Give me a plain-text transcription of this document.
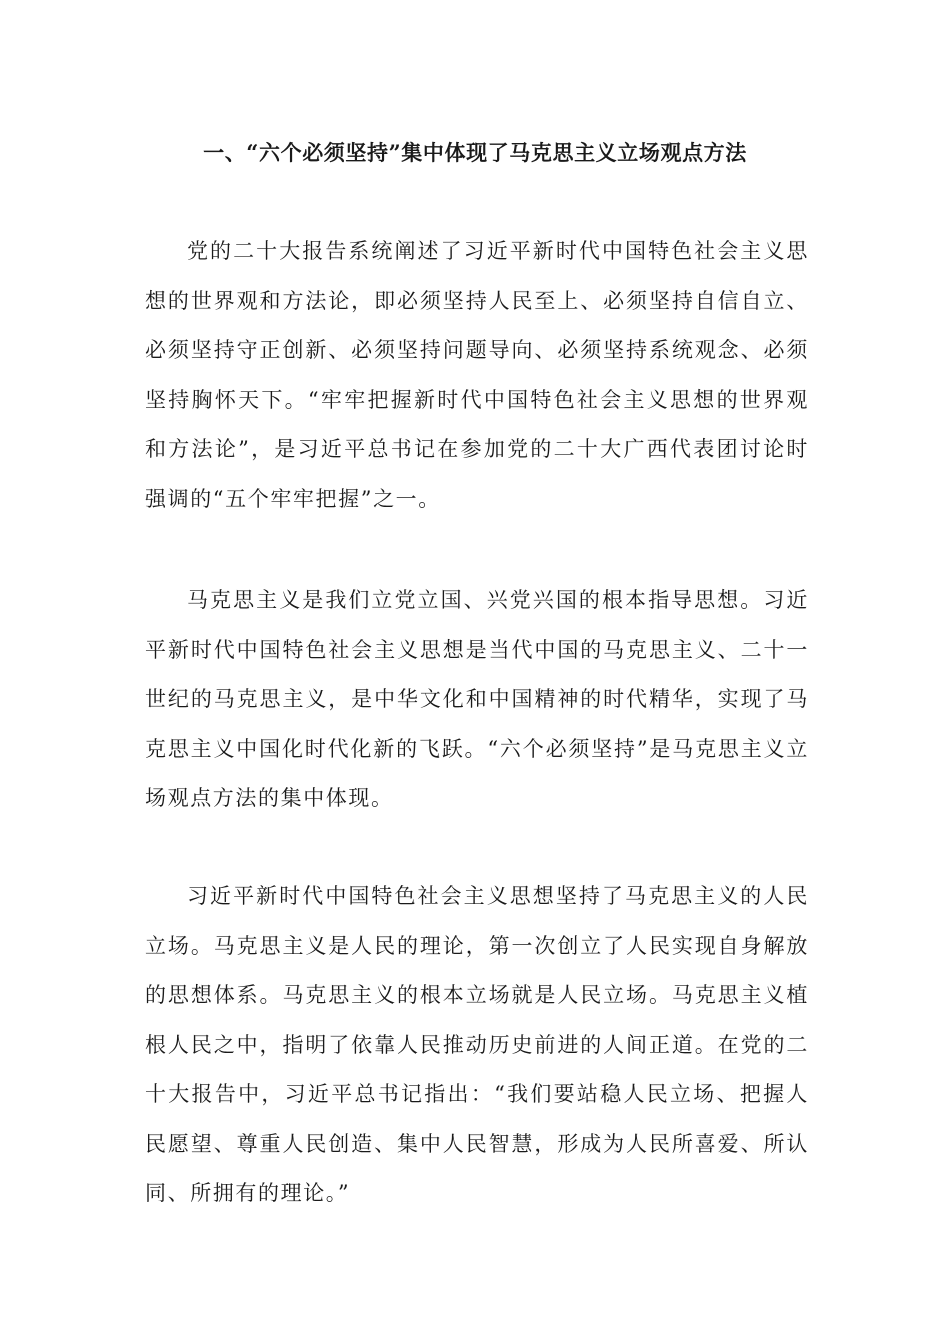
一、“六个必须坚持”集中体现了马克思主义立场观点方法

党的二十大报告系统阐述了习近平新时代中国特色社会主义思想的世界观和方法论，即必须坚持人民至上、必须坚持自信自立、必须坚持守正创新、必须坚持问题导向、必须坚持系统观念、必须坚持胸怀天下。“牢牢把握新时代中国特色社会主义思想的世界观和方法论”，是习近平总书记在参加党的二十大广西代表团讨论时强调的“五个牢牢把握”之一。

马克思主义是我们立党立国、兴党兴国的根本指导思想。习近平新时代中国特色社会主义思想是当代中国的马克思主义、二十一世纪的马克思主义，是中华文化和中国精神的时代精华，实现了马克思主义中国化时代化新的飞跃。“六个必须坚持”是马克思主义立场观点方法的集中体现。

习近平新时代中国特色社会主义思想坚持了马克思主义的人民立场。马克思主义是人民的理论，第一次创立了人民实现自身解放的思想体系。马克思主义的根本立场就是人民立场。马克思主义植根人民之中，指明了依靠人民推动历史前进的人间正道。在党的二十大报告中，习近平总书记指出：“我们要站稳人民立场、把握人民愿望、尊重人民创造、集中人民智慧，形成为人民所喜爱、所认同、所拥有的理论。”
